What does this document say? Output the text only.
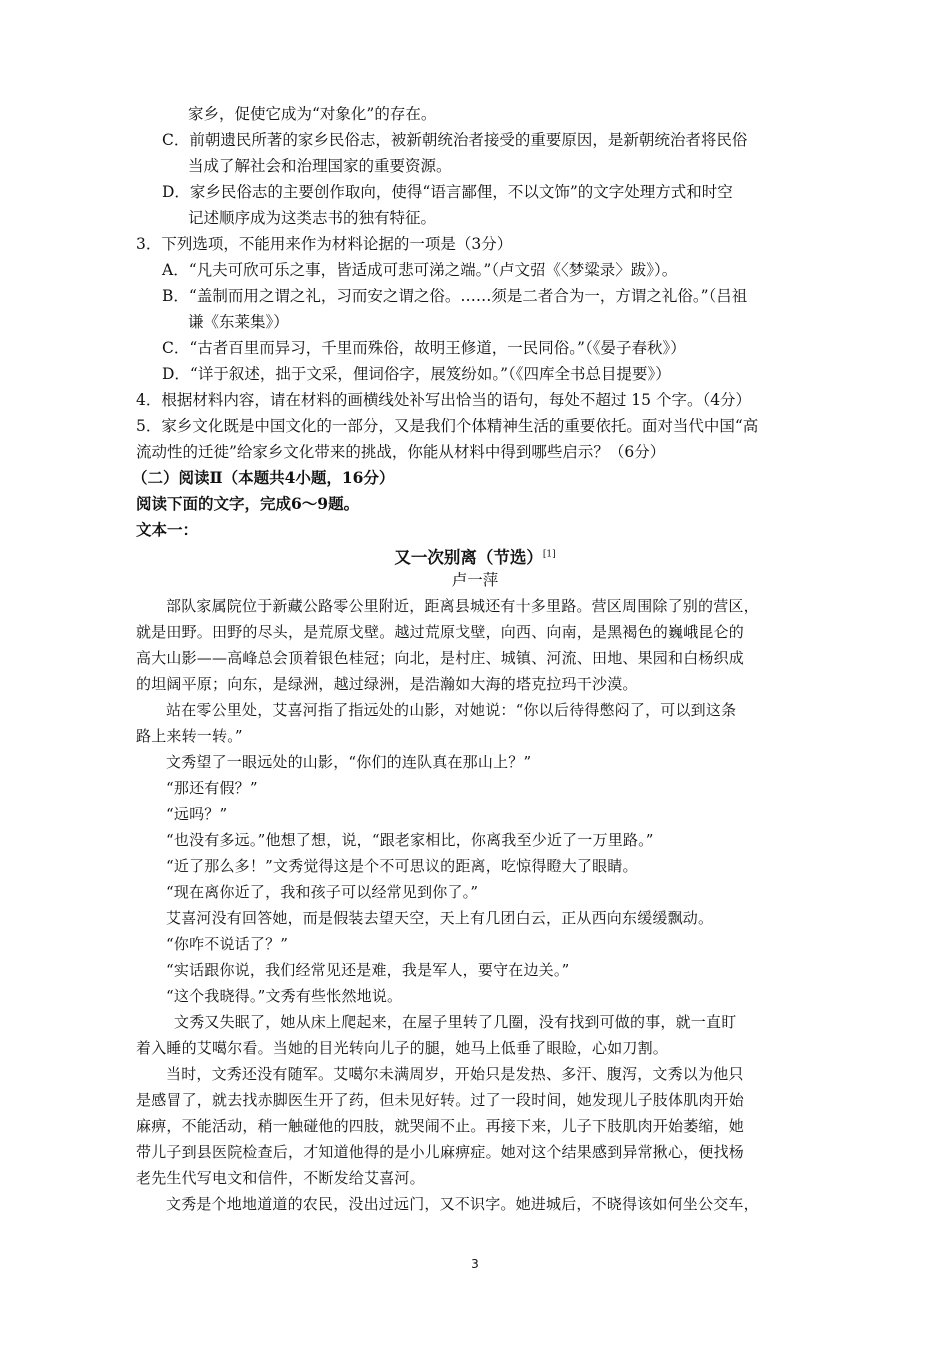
家乡，促使它成为“对象化”的存在。
C．前朝遗民所著的家乡民俗志，被新朝统治者接受的重要原因，是新朝统治者将民俗
当成了解社会和治理国家的重要资源。
D．家乡民俗志的主要创作取向，使得“语言鄙俚，不以文饰”的文字处理方式和时空
记述顺序成为这类志书的独有特征。
3．下列选项，不能用来作为材料论据的一项是（3分）
A．“凡夫可欣可乐之事，皆适成可悲可涕之端。”（卢文弨《〈梦粱录〉跋》）。
B．“盖制而用之谓之礼，习而安之谓之俗。……须是二者合为一，方谓之礼俗。”（吕祖
谦《东莱集》）
C．“古者百里而异习，千里而殊俗，故明王修道，一民同俗。”（《晏子春秋》）
D．“详于叙述，拙于文采，俚词俗字，展笈纷如。”（《四库全书总目提要》）
4．根据材料内容，请在材料的画横线处补写出恰当的语句，每处不超过 15 个字。（4分）
5．家乡文化既是中国文化的一部分，又是我们个体精神生活的重要依托。面对当代中国“高
流动性的迁徙”给家乡文化带来的挑战，你能从材料中得到哪些启示？（6分）
（二）阅读Ⅱ（本题共4小题，16分）
阅读下面的文字，完成6～9题。
文本一：
又一次别离（节选）[1]
卢一萍
部队家属院位于新藏公路零公里附近，距离县城还有十多里路。营区周围除了别的营区，
就是田野。田野的尽头，是荒原戈壁。越过荒原戈壁，向西、向南，是黑褐色的巍峨昆仑的
高大山影——高峰总会顶着银色桂冠；向北，是村庄、城镇、河流、田地、果园和白杨织成
的坦阔平原；向东，是绿洲，越过绿洲，是浩瀚如大海的塔克拉玛干沙漠。
站在零公里处，艾喜河指了指远处的山影，对她说：“你以后待得憋闷了，可以到这条
路上来转一转。”
文秀望了一眼远处的山影，“你们的连队真在那山上？”
“那还有假？”
“远吗？”
“也没有多远。”他想了想，说，“跟老家相比，你离我至少近了一万里路。”
“近了那么多！”文秀觉得这是个不可思议的距离，吃惊得瞪大了眼睛。
“现在离你近了，我和孩子可以经常见到你了。”
艾喜河没有回答她，而是假装去望天空，天上有几团白云，正从西向东缓缓飘动。
“你咋不说话了？”
“实话跟你说，我们经常见还是难，我是军人，要守在边关。”
“这个我晓得。”文秀有些怅然地说。
文秀又失眠了，她从床上爬起来，在屋子里转了几圈，没有找到可做的事，就一直盯
着入睡的艾噶尔看。当她的目光转向儿子的腿，她马上低垂了眼睑，心如刀割。
当时，文秀还没有随军。艾噶尔未满周岁，开始只是发热、多汗、腹泻，文秀以为他只
是感冒了，就去找赤脚医生开了药，但未见好转。过了一段时间，她发现儿子肢体肌肉开始
麻痹，不能活动，稍一触碰他的四肢，就哭闹不止。再接下来，儿子下肢肌肉开始萎缩，她
带儿子到县医院检查后，才知道他得的是小儿麻痹症。她对这个结果感到异常揪心，便找杨
老先生代写电文和信件，不断发给艾喜河。
文秀是个地地道道的农民，没出过远门，又不识字。她进城后，不晓得该如何坐公交车，
3
